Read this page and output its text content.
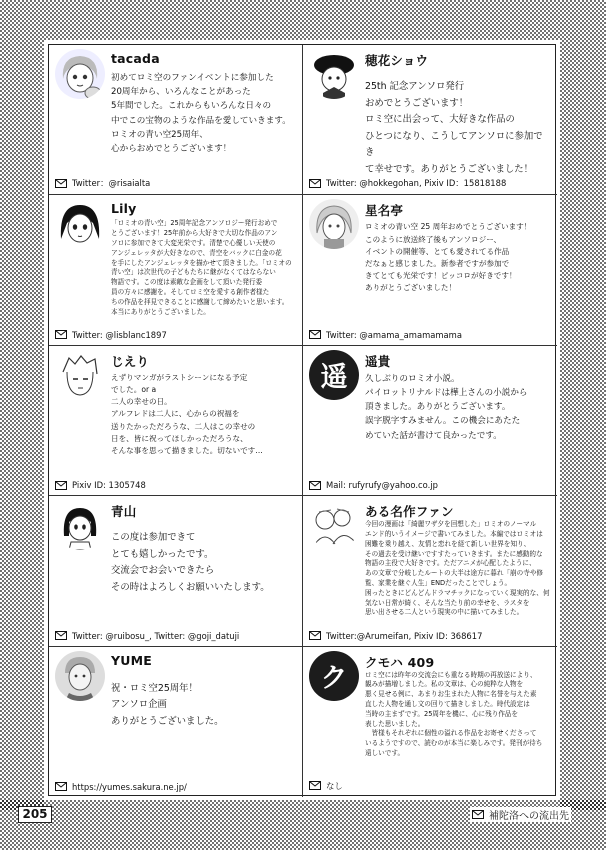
tacada
初めてロミ空のファンイベントに参加した
20周年から、いろんなことがあった
5年間でした。これからもいろんな日々の
中でこの宝物のような作品を愛していきます。
ロミオの青い空25周年、
心からおめでとうございます！
Twitter：@risaialta
穂花ショウ
25th 記念アンソロ発行
おめでとうございます！
ロミ空に出会って、大好きな作品の
ひとつになり、こうしてアンソロに参加でき
て幸せです。ありがとうございました！
Twitter: @hokkegohan, Pixiv ID：15818188
Lily
「ロミオの青い空」25周年記念アンソロジー発行おめで
とうございます！25年前から大好きで大切な作品のアン
ソロに参加できて大変光栄です。清楚で心優しい天使の
アンジェレッタが大好きなので、青空をバックに白金の花
を手にしたアンジェレッタを描かせて頂きました。「ロミオの
青い空」は次世代の子どもたちに継がなくてはならない
物語です。この度は素敵な企画をして頂いた発行委
員の方々に感謝を。そしてロミ空を愛する創作者様た
ちの作品を拝見できることに感謝して締めたいと思います。
本当にありがとうございました。
Twitter: @lisblanc1897
星名亭
ロミオの青い空 25 周年おめでとうございます！
このように放送終了後もアンソロジー、
イベントの開催等、とても愛されてる作品
だなぁと感じました。新参者ですが参加で
きてとても光栄です！ピッコロが好きです！
ありがとうございました！
Twitter: @amama_amamamama
じえり
えずりマンガがラストシーンになる予定
でした。or a
二人の幸せの日。
アルフレドは二人に、心からの祝福を
送りたかっただろうな、二人はこの幸せの
日を、皆に祝ってほしかっただろうな、
そんな事を思って描きました。切ないです…
Pixiv ID: 1305748
遥
遥貴
久しぶりのロミオ小説。
パイロットリナルドは樺上さんの小説から
頂きました。ありがとうございます。
誤字脱字すみません。この機会にあたた
めていた話が書けて良かったです。
Mail: rufyrufy@yahoo.co.jp
青山
この度は参加できて
とても嬉しかったです。
交流会でお会いできたら
その時はよろしくお願いいたします。
Twitter: @ruibosu_, Twitter: @goji_datuji
ある名作ファン
今回の漫画は「綺麗ワザ夕を回想した」ロミオのノーマル
エンド的いうイメージで書いてみました。本編ではロミオは
困難を乗り越え、友情と恋れを経て新しい世界を知り、
その過去を受け継いですすたっていきます。またに感動的な
物語の主役で大好きです。ただアニメが心配したように、
あの文章で分岐したルートの大半は途方に暮れ「崩の寺や修
覧、家業を継ぐ人生」ENDだったことでしょう。
困ったときにどんどんドラマチックになっていく現実的な、何
気ない日常が綺く、そんな当たり前の幸せを、ラスタを
思い出させる二人という現実の中に描いてみました。
Twitter:@Arumeifan, Pixiv ID: 368617
YUME
祝・ロミ空25周年！
アンソロ企画
ありがとうございました。
https://yumes.sakura.ne.jp/
ク
クモハ 409
ロミ空には昨年の交流会にも重なる時期の再放送により、
観みが描増しました。私の文章は、心の純粋な人物を
悪く見せる例に、あまりお生まれた人物に名誉を与えた素
直した人物を通し文の回りて描きしました。時代設定は
当時の主まずです。25周年を機に、心に残り作品を
表した思いました。
　皆様もそれぞれに個性の溢れる作品をお寄せくださって
いるようですので、読むのが本当に楽しみです。発刊が待ち
遠しいです。
なし
205	補陀洛への流出先
